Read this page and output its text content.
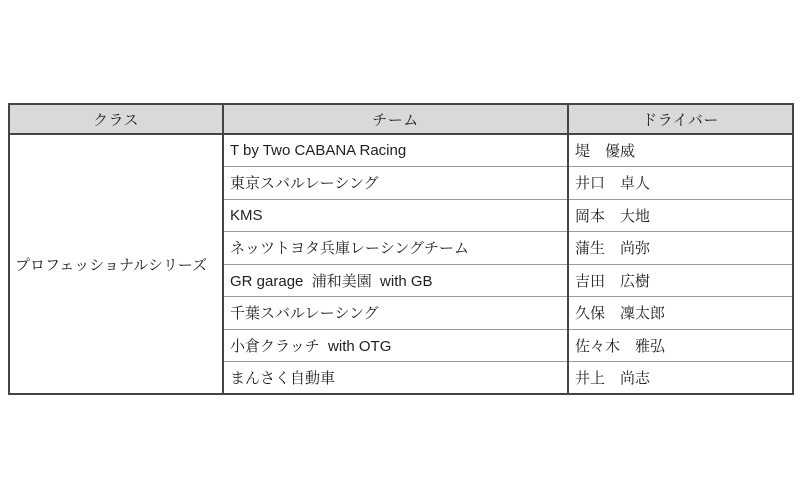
クラス	チーム	ドライバー
プロフェッショナルシリーズ	T by Two CABANA Racing	堤　優威
	東京スバルレーシング	井口　卓人
	KMS	岡本　大地
	ネッツトヨタ兵庫レーシングチーム	蒲生　尚弥
	GR garage  浦和美園  with GB	吉田　広樹
	千葉スバルレーシング	久保　凜太郎
	小倉クラッチ  with OTG	佐々木　雅弘
	まんさく自動車	井上　尚志
